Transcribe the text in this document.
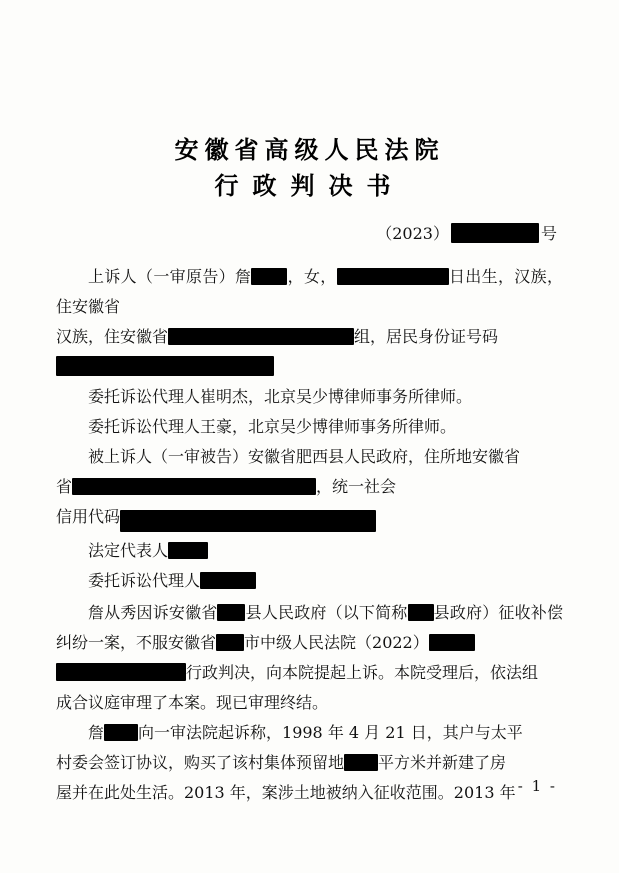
安徽省高级人民法院
行政判决书
（2023）	号

上诉人（一审原告）詹 ，女，	日出生，汉族，住安徽省

汉族，住安徽省	组，居民身份证号码

委托诉讼代理人崔明杰，北京吴少博律师事务所律师。

委托诉讼代理人王豪，北京吴少博律师事务所律师。

被上诉人（一审被告）安徽省肥西县人民政府，住所地安徽省

省	，统一社会

信用代码

法定代表人

委托诉讼代理人

詹从秀因诉安徽省 县人民政府（以下简称 县政府）征收补偿纠纷一案，不服安徽省 市中级人民法院（2022）

行政判决，向本院提起上诉。本院受理后，依法组

成合议庭审理了本案。现已审理终结。

詹 向一审法院起诉称，1998 年 4 月 21 日，其户与太平

村委会签订协议，购买了该村集体预留地 平方米并新建了房

屋并在此处生活。2013 年，案涉土地被纳入征收范围。2013 年 - 1 -
